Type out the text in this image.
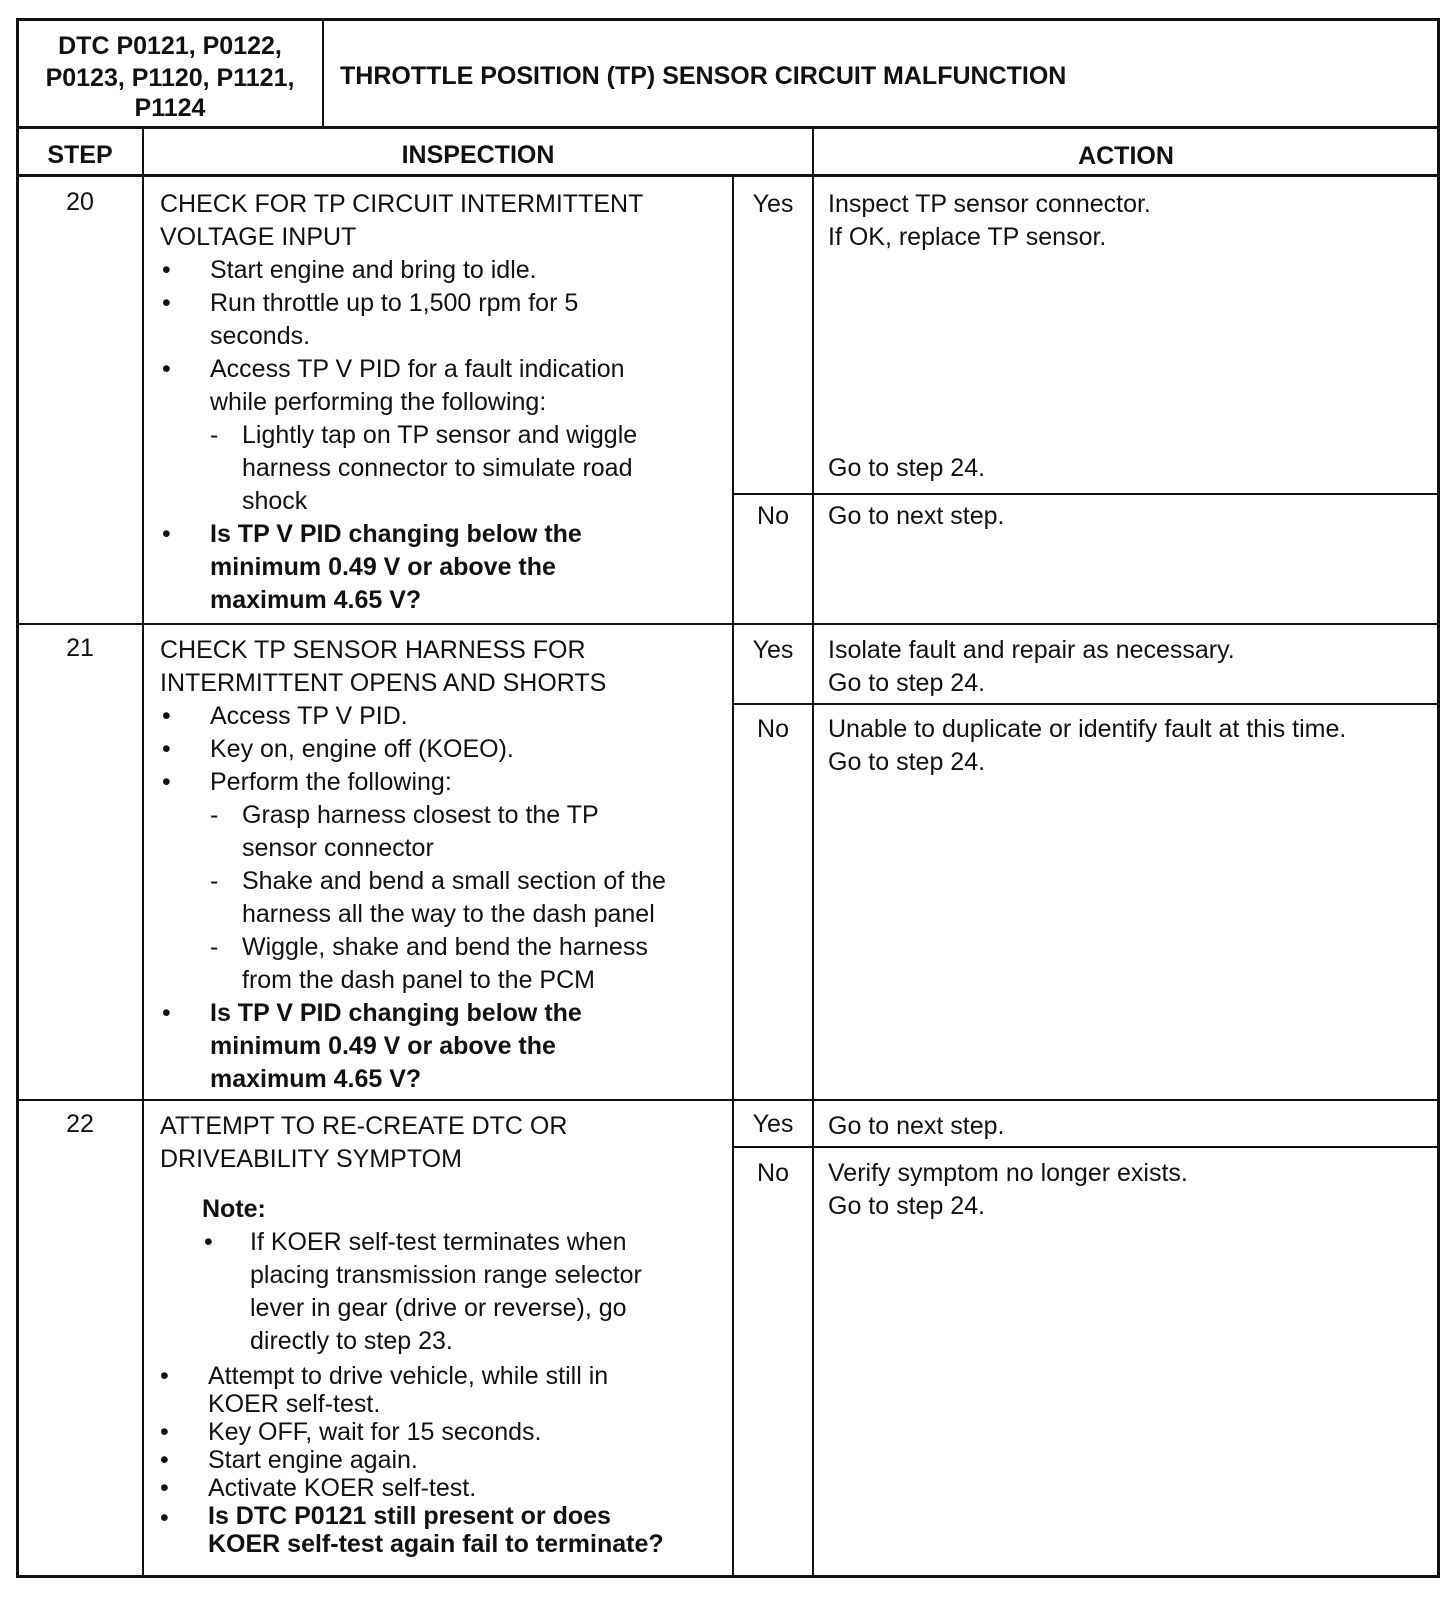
DTC P0121, P0122,
P0123, P1120, P1121,
P1124
THROTTLE POSITION (TP) SENSOR CIRCUIT MALFUNCTION
STEP	INSPECTION	ACTION
20	CHECK FOR TP CIRCUIT INTERMITTENT
VOLTAGE INPUT
• Start engine and bring to idle.
• Run throttle up to 1,500 rpm for 5
seconds.
• Access TP V PID for a fault indication
while performing the following:
- Lightly tap on TP sensor and wiggle
harness connector to simulate road
shock
• Is TP V PID changing below the
minimum 0.49 V or above the
maximum 4.65 V?
Yes	Inspect TP sensor connector.
If OK, replace TP sensor.
Go to step 24.
No	Go to next step.
21	CHECK TP SENSOR HARNESS FOR
INTERMITTENT OPENS AND SHORTS
• Access TP V PID.
• Key on, engine off (KOEO).
• Perform the following:
- Grasp harness closest to the TP
sensor connector
- Shake and bend a small section of the
harness all the way to the dash panel
- Wiggle, shake and bend the harness
from the dash panel to the PCM
• Is TP V PID changing below the
minimum 0.49 V or above the
maximum 4.65 V?
Yes	Isolate fault and repair as necessary.
Go to step 24.
No	Unable to duplicate or identify fault at this time.
Go to step 24.
22	ATTEMPT TO RE-CREATE DTC OR
DRIVEABILITY SYMPTOM
Note:
• If KOER self-test terminates when
placing transmission range selector
lever in gear (drive or reverse), go
directly to step 23.
• Attempt to drive vehicle, while still in
KOER self-test.
• Key OFF, wait for 15 seconds.
• Start engine again.
• Activate KOER self-test.
• Is DTC P0121 still present or does
KOER self-test again fail to terminate?
Yes	Go to next step.
No	Verify symptom no longer exists.
Go to step 24.
